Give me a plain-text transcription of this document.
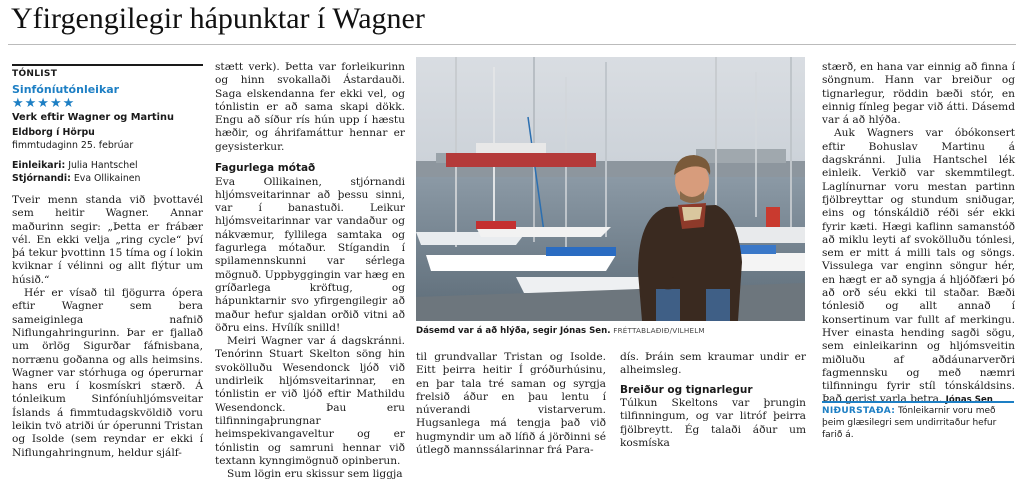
Yfirgengilegir hápunktar í Wagner
TÓNLIST
Sinfóníutónleikar
★★★★★
Verk eftir Wagner og Martinu
Eldborg í Hörpu
fimmtudaginn 25. febrúar
Einleikari: Julia Hantschel
Stjórnandi: Eva Ollikainen

Tveir menn standa við þvottavél sem heitir Wagner. Annar maðurinn segir: „Þetta er frábær vél. En ekki velja „ring cycle“ því þá tekur þvottinn 15 tíma og í lokin kviknar í vélinni og allt flýtur um húsið.“

Hér er vísað til fjögurra ópera eftir Wagner sem bera sameiginlega nafnið Niflungahringurinn. Þar er fjallað um örlög Sigurðar fáfnisbana, norrænu goðanna og alls heimsins. Wagner var stórhuga og óperurnar hans eru í kosmískri stærð. Á tónleikum Sinfóníuhljómsveitar Íslands á fimmtudagskvöldið voru leikin tvö atriði úr óperunni Tristan og Isolde (sem reyndar er ekki í Niflungahringnum, heldur sjálf-

stætt verk). Þetta var forleikurinn og hinn svokallaði Ástardauði. Saga elskendanna fer ekki vel, og tónlistin er að sama skapi dökk. Engu að síður rís hún upp í hæstu hæðir, og áhrifamáttur hennar er geysisterkur.

Fagurlega mótað

Eva Ollikainen, stjórnandi hljómsveitarinnar að þessu sinni, var í banastuði. Leikur hljómsveitarinnar var vandaður og nákvæmur, fyllilega samtaka og fagurlega mótaður. Stígandin í spilamennskunni var sérlega mögnuð. Uppbyggingin var hæg en gríðarlega kröftug, og hápunktarnir svo yfirgengilegir að maður hefur sjaldan orðið vitni að öðru eins. Hvílík snilld!

Meiri Wagner var á dagskránni. Tenórinn Stuart Skelton söng hin svokölluðu Wesendonck ljóð við undirleik hljómsveitarinnar, en tónlistin er við ljóð eftir Mathildu Wesendonck. Þau eru tilfinningaþrungnar heimspekivangaveltur og er tónlistin og samruni hennar við textann kynngimögnuð opinberun.

Sum lögin eru skissur sem liggja

Dásemd var á að hlýða, segir Jónas Sen. FRÉTTABLAÐIÐ/VILHELM

til grundvallar Tristan og Isolde. Eitt þeirra heitir Í gróðurhúsinu, en þar tala tré saman og syrgja frelsið áður en þau lentu í núverandi vistarverum. Hugsanlega má tengja það við hugmyndir um að lífið á jörðinni sé útlegð mannssálarinnar frá Para-

dís. Þráin sem kraumar undir er alheimsleg.

Breiður og tignarlegur

Túlkun Skeltons var þrungin tilfinningum, og var litróf þeirra fjölbreytt. Ég talaði áður um kosmíska

stærð, en hana var einnig að finna í söngnum. Hann var breiður og tignarlegur, röddin bæði stór, en einnig fínleg þegar við átti. Dásemd var á að hlýða.

Auk Wagners var óbókonsert eftir Bohuslav Martinu á dagskránni. Julia Hantschel lék einleik. Verkið var skemmtilegt. Laglínurnar voru mestan partinn fjölbreyttar og stundum sniðugar, eins og tónskáldið réði sér ekki fyrir kæti. Hægi kaflinn samanstóð að miklu leyti af svokölluðu tónlesi, sem er mitt á milli tals og söngs. Vissulega var enginn söngur hér, en hægt er að syngja á hljóðfæri þó að orð séu ekki til staðar. Bæði tónlesið og allt annað í konsertinum var fullt af merkingu. Hver einasta hending sagði sögu, sem einleikarinn og hljómsveitin miðluðu af aðdáunarverðri fagmennsku og með næmri tilfinningu fyrir stíl tónskáldsins. Það gerist varla betra. Jónas Sen

NIÐURSTAÐA: Tónleikarnir voru með þeim glæsilegri sem undirritaður hefur farið á.
